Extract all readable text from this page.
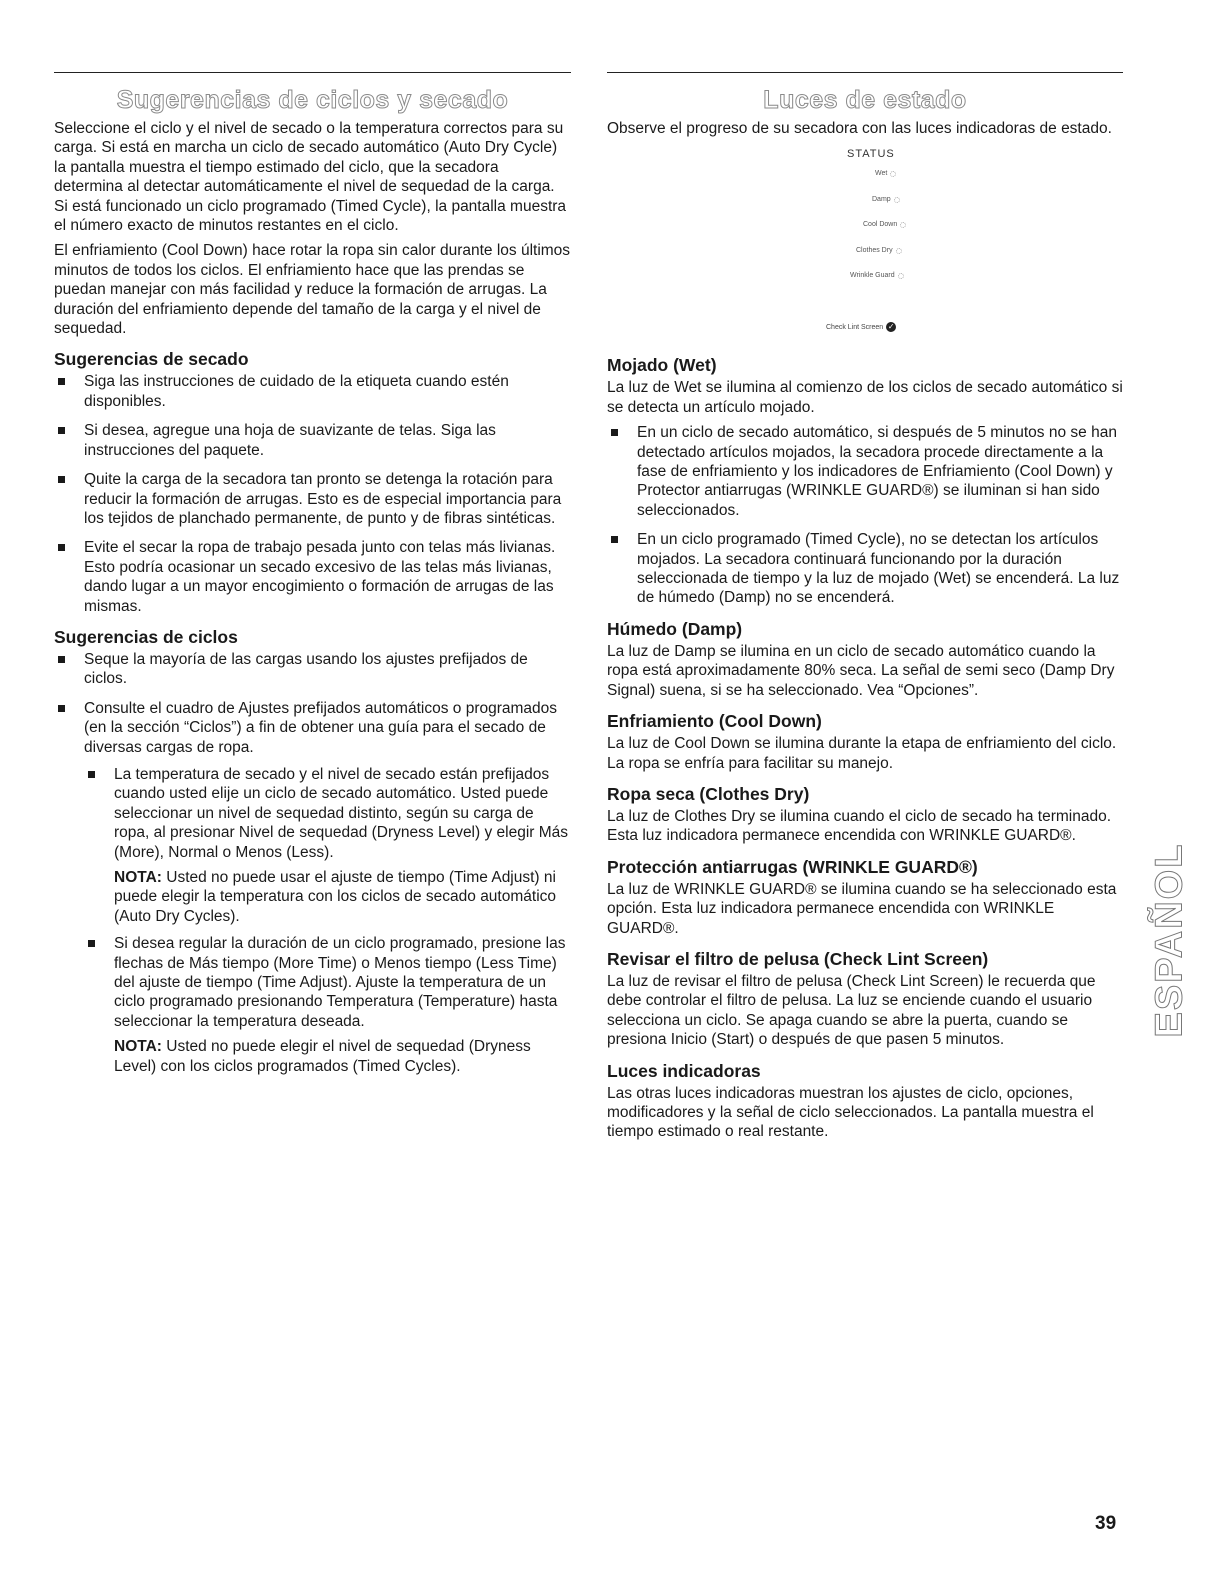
Sugerencias de ciclos y secado

Seleccione el ciclo y el nivel de secado o la temperatura correctos para su carga. Si está en marcha un ciclo de secado automático (Auto Dry Cycle) la pantalla muestra el tiempo estimado del ciclo, que la secadora determina al detectar automáticamente el nivel de sequedad de la carga. Si está funcionado un ciclo programado (Timed Cycle), la pantalla muestra el número exacto de minutos restantes en el ciclo.

El enfriamiento (Cool Down) hace rotar la ropa sin calor durante los últimos minutos de todos los ciclos. El enfriamiento hace que las prendas se puedan manejar con más facilidad y reduce la formación de arrugas. La duración del enfriamiento depende del tamaño de la carga y el nivel de sequedad.

Sugerencias de secado
Siga las instrucciones de cuidado de la etiqueta cuando estén disponibles.
Si desea, agregue una hoja de suavizante de telas. Siga las instrucciones del paquete.
Quite la carga de la secadora tan pronto se detenga la rotación para reducir la formación de arrugas. Esto es de especial importancia para los tejidos de planchado permanente, de punto y de fibras sintéticas.
Evite el secar la ropa de trabajo pesada junto con telas más livianas. Esto podría ocasionar un secado excesivo de las telas más livianas, dando lugar a un mayor encogimiento o formación de arrugas de las mismas.
Sugerencias de ciclos
Seque la mayoría de las cargas usando los ajustes prefijados de ciclos.
Consulte el cuadro de Ajustes prefijados automáticos o programados (en la sección “Ciclos”) a fin de obtener una guía para el secado de diversas cargas de ropa.
La temperatura de secado y el nivel de secado están prefijados cuando usted elije un ciclo de secado automático. Usted puede seleccionar un nivel de sequedad distinto, según su carga de ropa, al presionar Nivel de sequedad (Dryness Level) y elegir Más (More), Normal o Menos (Less).
NOTA: Usted no puede usar el ajuste de tiempo (Time Adjust) ni puede elegir la temperatura con los ciclos de secado automático (Auto Dry Cycles).
Si desea regular la duración de un ciclo programado, presione las flechas de Más tiempo (More Time) o Menos tiempo (Less Time) del ajuste de tiempo (Time Adjust). Ajuste la temperatura de un ciclo programado presionando Temperatura (Temperature) hasta seleccionar la temperatura deseada.
NOTA: Usted no puede elegir el nivel de sequedad (Dryness Level) con los ciclos programados (Timed Cycles).
Luces de estado

Observe el progreso de su secadora con las luces indicadoras de estado.

STATUS
Wet
Damp
Cool Down
Clothes Dry
Wrinkle Guard
Check Lint Screen ✓
Mojado (Wet)

La luz de Wet se ilumina al comienzo de los ciclos de secado automático si se detecta un artículo mojado.

En un ciclo de secado automático, si después de 5 minutos no se han detectado artículos mojados, la secadora procede directamente a la fase de enfriamiento y los indicadores de Enfriamiento (Cool Down) y Protector antiarrugas (WRINKLE GUARD®) se iluminan si han sido seleccionados.
En un ciclo programado (Timed Cycle), no se detectan los artículos mojados. La secadora continuará funcionando por la duración seleccionada de tiempo y la luz de mojado (Wet) se encenderá. La luz de húmedo (Damp) no se encenderá.
Húmedo (Damp)

La luz de Damp se ilumina en un ciclo de secado automático cuando la ropa está aproximadamente 80% seca. La señal de semi seco (Damp Dry Signal) suena, si se ha seleccionado. Vea “Opciones”.

Enfriamiento (Cool Down)

La luz de Cool Down se ilumina durante la etapa de enfriamiento del ciclo. La ropa se enfría para facilitar su manejo.

Ropa seca (Clothes Dry)

La luz de Clothes Dry se ilumina cuando el ciclo de secado ha terminado. Esta luz indicadora permanece encendida con WRINKLE GUARD®.

Protección antiarrugas (WRINKLE GUARD®)

La luz de WRINKLE GUARD® se ilumina cuando se ha seleccionado esta opción. Esta luz indicadora permanece encendida con WRINKLE GUARD®.

Revisar el filtro de pelusa (Check Lint Screen)

La luz de revisar el filtro de pelusa (Check Lint Screen) le recuerda que debe controlar el filtro de pelusa. La luz se enciende cuando el usuario selecciona un ciclo. Se apaga cuando se abre la puerta, cuando se presiona Inicio (Start) o después de que pasen 5 minutos.

Luces indicadoras

Las otras luces indicadoras muestran los ajustes de ciclo, opciones, modificadores y la señal de ciclo seleccionados. La pantalla muestra el tiempo estimado o real restante.

ESPAÑOL
39
